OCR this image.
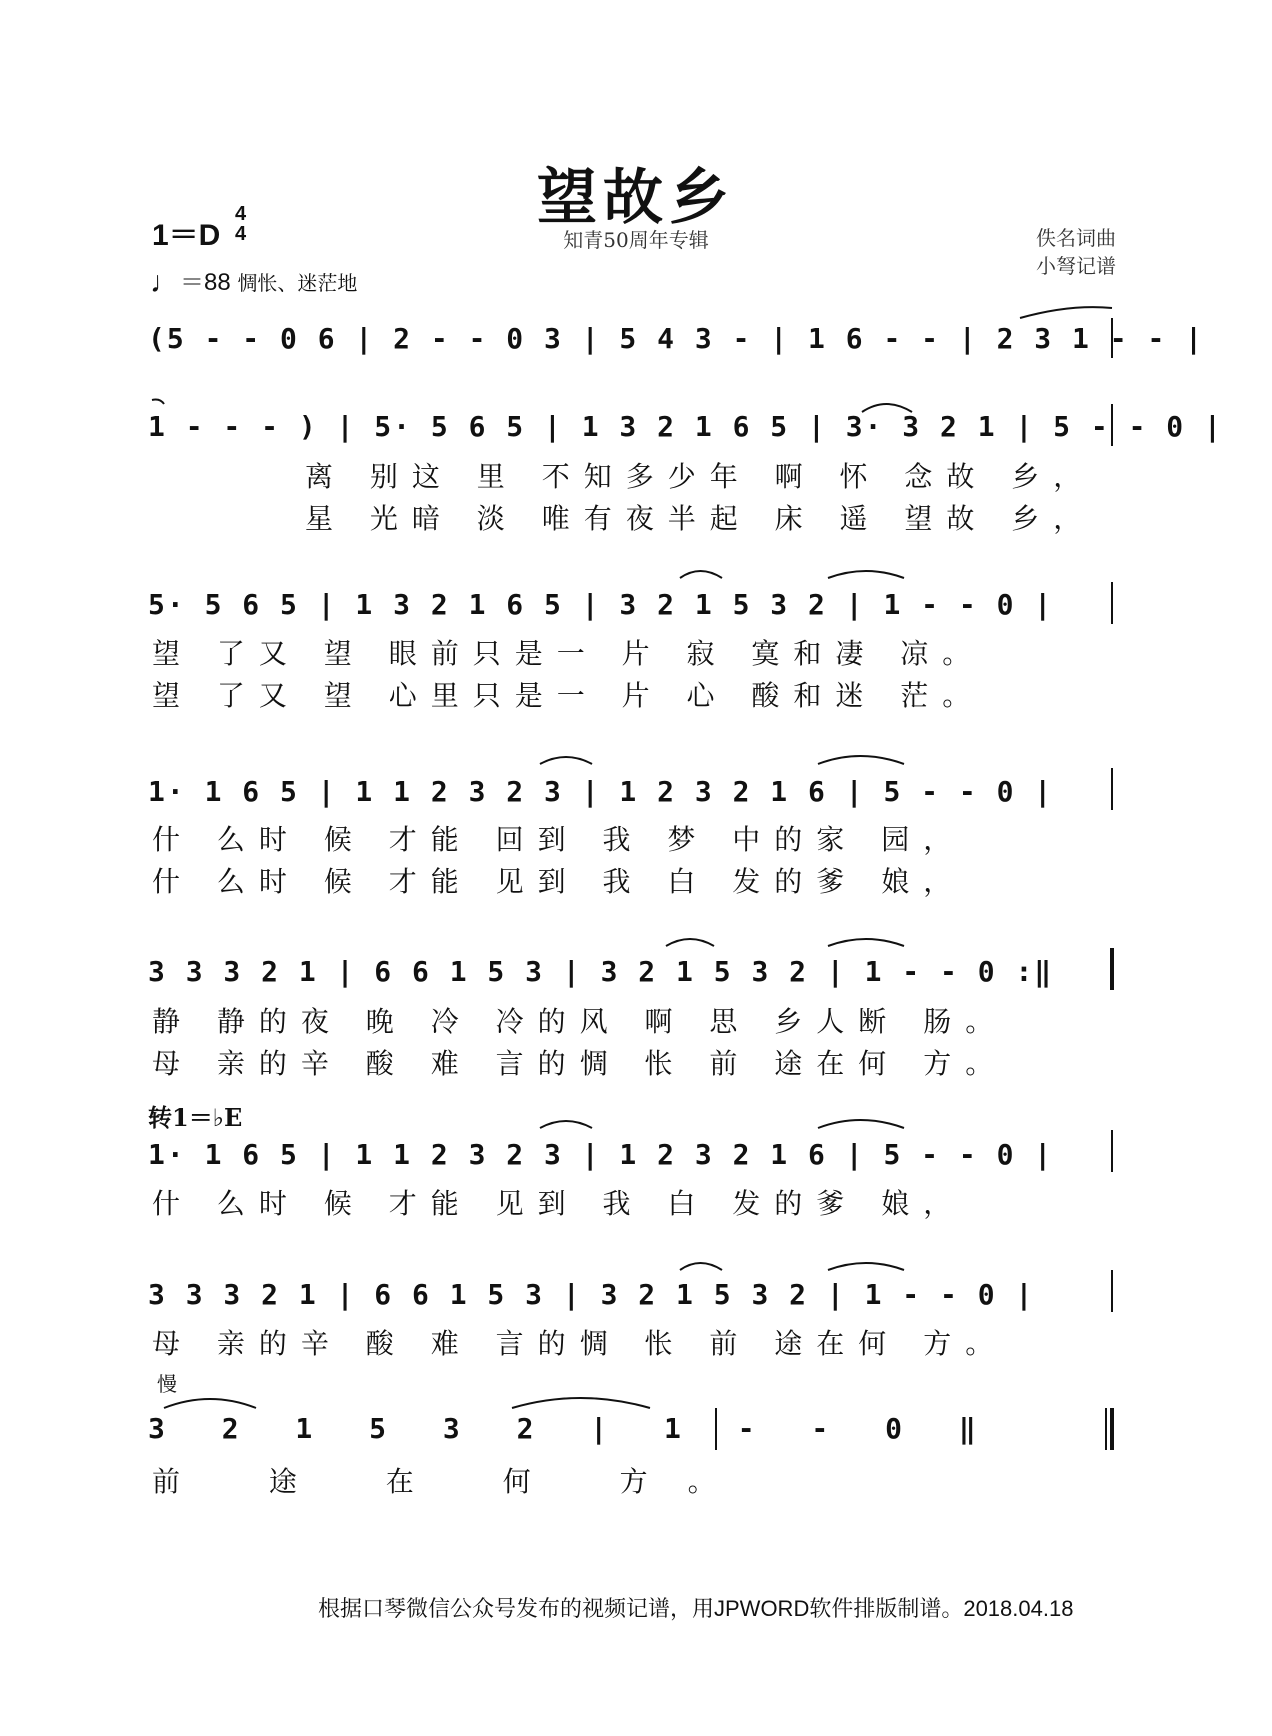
望故乡
知青50周年专辑
1＝D
4
4
♩＝88 惆怅、迷茫地
佚名词曲
小弩记谱
(5 - - 0 6 | 2 - - 0 3 | 5 4 3 - | 1 6 - - | 2 3 1 - - |
1 - - - ) | 5· 5 6 5 | 1 3 2 1 6 5 | 3· 3 2 1 | 5 - - 0 |
离 别这 里 不知多少年 啊 怀 念故 乡，
星 光暗 淡 唯有夜半起 床 遥 望故 乡，
5· 5 6 5 | 1 3 2 1 6 5 | 3 2 1 5 3 2 | 1 - - 0 |
望 了又 望 眼前只是一 片 寂 寞和凄 凉。
望 了又 望 心里只是一 片 心 酸和迷 茫。
1· 1 6 5 | 1 1 2 3 2 3 | 1 2 3 2 1 6 | 5 - - 0 |
什 么时 候 才能 回到 我 梦 中的家 园，
什 么时 候 才能 见到 我 白 发的爹 娘，
3 3 3 2 1 | 6 6 1 5 3 | 3 2 1 5 3 2 | 1 - - 0 :‖
静 静的夜 晚 冷 冷的风 啊 思 乡人断 肠。
母 亲的辛 酸 难 言的惆 怅 前 途在何 方。
转1＝♭E
1· 1 6 5 | 1 1 2 3 2 3 | 1 2 3 2 1 6 | 5 - - 0 |
什 么时 候 才能 见到 我 白 发的爹 娘，
3 3 3 2 1 | 6 6 1 5 3 | 3 2 1 5 3 2 | 1 - - 0 |
母 亲的辛 酸 难 言的惆 怅 前 途在何 方。
慢
3 2 1 5 3 2 | 1 - - 0 ‖
前 途 在 何 方。
根据口琴微信公众号发布的视频记谱，用JPWORD软件排版制谱。2018.04.18
